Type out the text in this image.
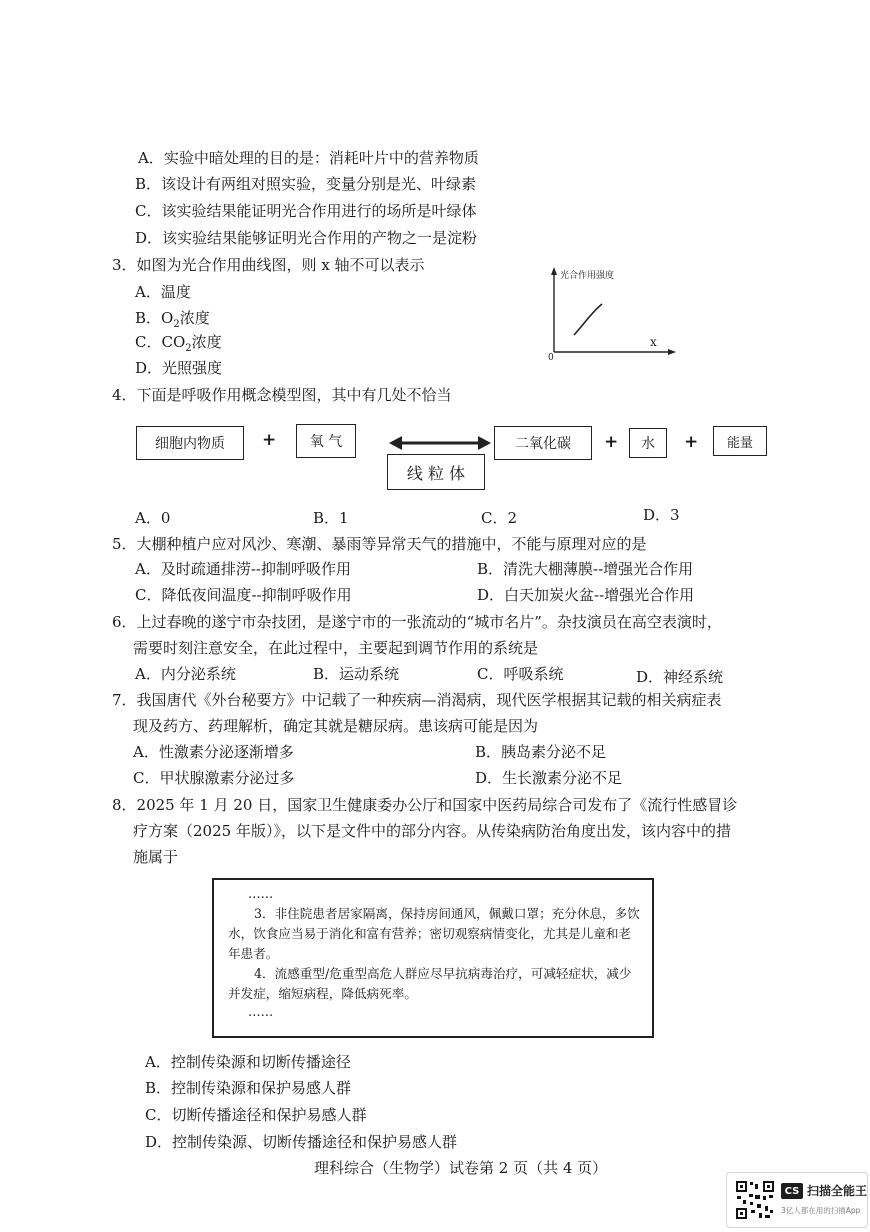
A．实验中暗处理的目的是：消耗叶片中的营养物质
B．该设计有两组对照实验，变量分别是光、叶绿素
C．该实验结果能证明光合作用进行的场所是叶绿体
D．该实验结果能够证明光合作用的产物之一是淀粉
3．如图为光合作用曲线图，则 x 轴不可以表示
A．温度
B．$O_2$浓度
C．$CO_2$浓度
D．光照强度
光合作用强度
x
0
4．下面是呼吸作用概念模型图，其中有几处不恰当
细胞内物质	+	氧 气
线 粒 体
二氧化碳	+	水	+	能量
A．0	B．1	C．2	D．3
5．大棚种植户应对风沙、寒潮、暴雨等异常天气的措施中，不能与原理对应的是
A．及时疏通排涝--抑制呼吸作用	B．清洗大棚薄膜--增强光合作用
C．降低夜间温度--抑制呼吸作用	D．白天加炭火盆--增强光合作用
6．上过春晚的遂宁市杂技团，是遂宁市的一张流动的“城市名片”。杂技演员在高空表演时，
需要时刻注意安全，在此过程中，主要起到调节作用的系统是
A．内分泌系统	B．运动系统	C．呼吸系统	D．神经系统
7．我国唐代《外台秘要方》中记载了一种疾病—消渴病，现代医学根据其记载的相关病症表
现及药方、药理解析，确定其就是糖尿病。患该病可能是因为
A．性激素分泌逐渐增多	B．胰岛素分泌不足
C．甲状腺激素分泌过多	D．生长激素分泌不足
8．2025 年 1 月 20 日，国家卫生健康委办公厅和国家中医药局综合司发布了《流行性感冒诊
疗方案（2025 年版）》，以下是文件中的部分内容。从传染病防治角度出发，该内容中的措
施属于
……
3．非住院患者居家隔离，保持房间通风，佩戴口罩；充分休息，多饮水，饮食应当易于消化和富有营养；密切观察病情变化，尤其是儿童和老年患者。
4．流感重型/危重型高危人群应尽早抗病毒治疗，可减轻症状，减少并发症，缩短病程，降低病死率。
……
A．控制传染源和切断传播途径
B．控制传染源和保护易感人群
C．切断传播途径和保护易感人群
D．控制传染源、切断传播途径和保护易感人群
理科综合（生物学）试卷第 2 页（共 4 页）
CS 扫描全能王
3亿人都在用的扫描App
